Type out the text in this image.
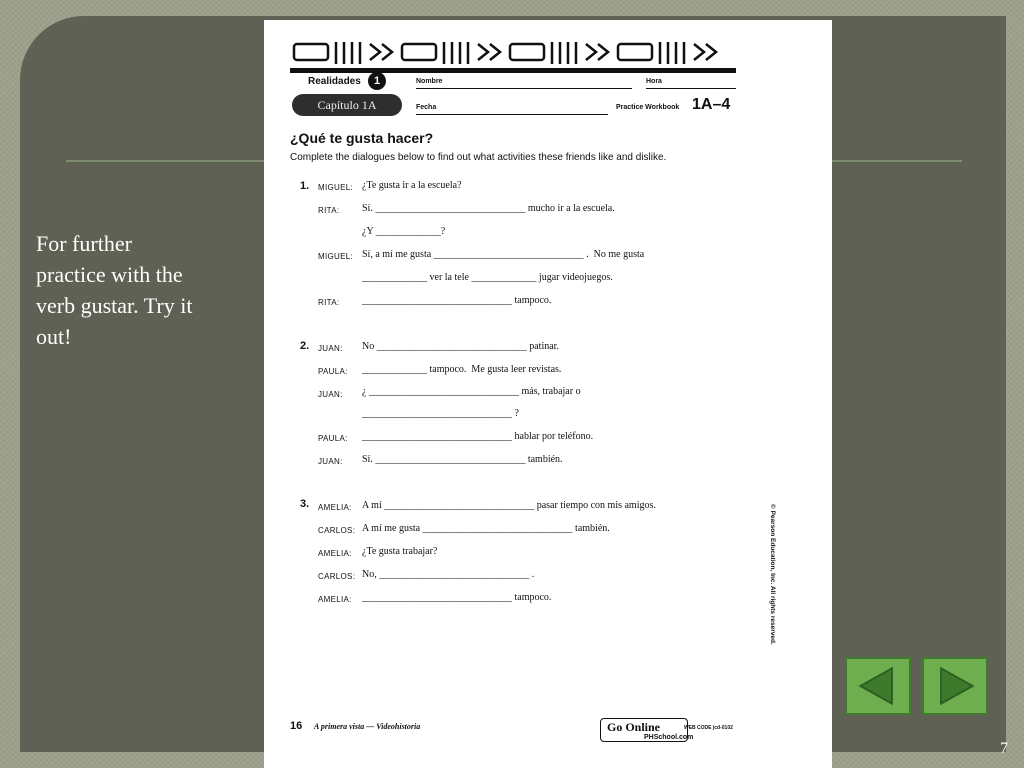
For further practice with the verb gustar. Try it out!
Realidades	1
Capítulo 1A
Nombre	Hora
Fecha	Practice Workbook 1A–4
¿Qué te gusta hacer?
Complete the dialogues below to find out what activities these friends like and dislike.
1. MIGUEL: ¿Te gusta ir a la escuela?
RITA: Sí. ______________________________ mucho ir a la escuela.
¿Y _____________?
MIGUEL: Sí, a mí me gusta ______________________________ .  No me gusta
_____________ ver la tele _____________ jugar videojuegos.
RITA: ______________________________ tampoco.
2. JUAN: No ______________________________ patinar.
PAULA: _____________ tampoco.  Me gusta leer revistas.
JUAN: ¿ ______________________________ más, trabajar o
______________________________ ?
PAULA: ______________________________ hablar por teléfono.
JUAN: Sí. ______________________________ también.
3. AMELIA: A mí ______________________________ pasar tiempo con mis amigos.
CARLOS: A mí me gusta ______________________________ también.
AMELIA: ¿Te gusta trabajar?
CARLOS: No, ______________________________ .
AMELIA: ______________________________ tampoco.	© Pearson Education, Inc. All rights reserved.
16 A primera vista — Videohistoria	Go Online	WEB CODE jcd-0102
PHSchool.com
7
